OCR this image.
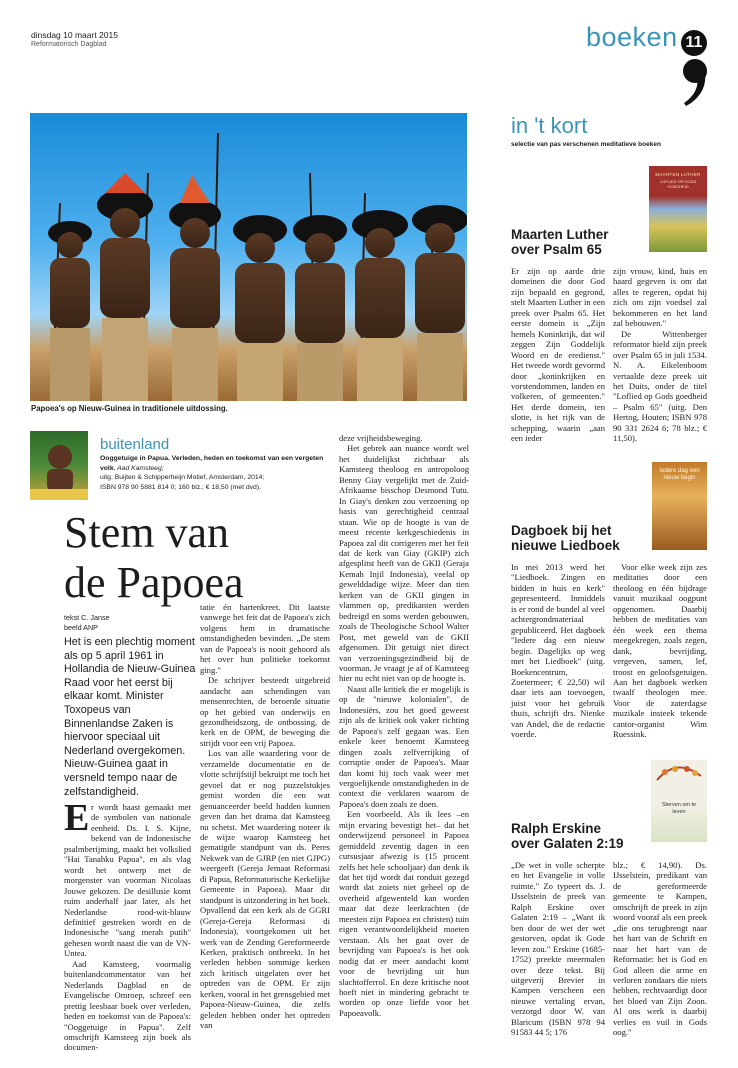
dinsdag 10 maart 2015
Reformatorisch Dagblad	boeken 11
Papoea's op Nieuw-Guinea in traditionele uitdossing.
buitenland
Ooggetuige in Papua. Verleden, heden en toekomst van een vergeten volk, Aad Kamsteeg;
uitg. Buijten & Schipperheijn Motief, Amsterdam, 2014;
ISBN 978 90 5881 814 0; 160 blz.; € 18,50 (met dvd).
Stem van
de Papoea
tekst C. Janse
beeld ANP
Het is een plechtig moment als op 5 april 1961 in Hollandia de Nieuw-Guinea Raad voor het eerst bij elkaar komt. Minister Toxopeus van Binnenlandse Zaken is hiervoor speciaal uit Nederland overgekomen. Nieuw-Guinea gaat in versneld tempo naar de zelfstandigheid.
E r wordt haast gemaakt met de symbolen van nationale eenheid. Ds. I. S. Kijne, bekend van de Indonesische psalmberijming, maakt het volkslied "Hai Tanahku Papua", en als vlag wordt het ontwerp met de morgenster van voorman Nicolaas Jouwe gekozen. De desillusie komt ruim anderhalf jaar later, als het Nederlandse rood-wit-blauw definitief gestreken wordt en de Indonesische "sang merah putih" gehesen wordt naast die van de VN-Untea.

Aad Kamsteeg, voormalig buitenlandcommentator van het Nederlands Dagblad en de Evangelische Omroep, schreef een prettig leesbaar boek over verleden, heden en toekomst van de Papoea's: "Ooggetuige in Papua". Zelf omschrijft Kamsteeg zijn boek als documen-

tatie én hartenkreet. Dit laatste vanwege het feit dat de Papoea's zich volgens hem in dramatische omstandigheden bevinden. „De stem van de Papoea's is nooit gehoord als het over hun politieke toekomst ging."

De schrijver besteedt uitgebreid aandacht aan schendingen van mensenrechten, de beroerde situatie op het gebied van onderwijs en gezondheidszorg, de ontbossing, de kerk en de OPM, de beweging die strijdt voor een vrij Papoea.

Los van alle waardering voor de verzamelde documentatie en de vlotte schrijfstijl bekruipt me toch het gevoel dat er nog puzzelstukjes gemist worden die een wat genuanceerder beeld hadden kunnen geven dan het drama dat Kamsteeg nu schetst. Met waardering noteer ik de wijze waarop Kamsteeg het gematigde standpunt van ds. Peres Nekwek van de GJRP (en niet GJPG) weergeeft (Gereja Jemaat Reformasi di Papua, Reformatorische Kerkelijke Gemeente in Papoea). Maar dit standpunt is uitzondering in het boek. Opvallend dat een kerk als de GGRI (Gereja-Gereja Reformasi di Indonesia), voortgekomen uit het werk van de Zending Gereformeerde Kerken, praktisch ontbreekt. In het verleden hebben sommige kerken zich kritisch uitgelaten over het optreden van de OPM. Er zijn kerken, vooral in het grensgebied met Papoea-Nieuw-Guinea, die zelfs geleden hebben onder het optreden van

deze vrijheidsbeweging.

Het gebrek aan nuance wordt wel het duidelijkst zichtbaar als Kamsteeg theoloog en antropoloog Benny Giay vergelijkt met de Zuid-Afrikaanse bisschop Desmond Tutu. In Giay's denken zou verzoening op basis van gerechtigheid centraal staan. Wie op de hoogte is van de meest recente kerkgeschiedenis in Papoea zal dit corrigeren met het feit dat de kerk van Giay (GKIP) zich afgesplitst heeft van de GKII (Geraja Kemah Injil Indonesia), veelal op gewelddadige wijze. Meer dan tien kerken van de GKII gingen in vlammen op, predikanten werden bedreigd en soms werden gebouwen, zoals de Theologische School Walter Post, met geweld van de GKII afgenomen. Dit getuigt niet direct van verzoeningsgezindheid bij de voorman. Je vraagt je af of Kamsteeg hier nu echt niet van op de hoogte is.

Naast alle kritiek die er mogelijk is op de "nieuwe kolonialen", de Indonesiërs, zou het goed geweest zijn als de kritiek ook vaker richting de Papoea's zelf gegaan was. Een enkele keer benoemt Kamsteeg dingen zoals zelfverrijking of corruptie onder de Papoea's. Maar dan komt hij toch vaak weer met vergoelijkende omstandigheden in de context die verklaren waarom de Papoea's doen zoals ze doen.

Een voorbeeld. Als ik lees –en mijn ervaring bevestigt het– dat het onderwijzend personeel in Papoea gemiddeld zeventig dagen in een cursusjaar afwezig is (15 procent zelfs het hele schooljaar) dan denk ik dat het tijd wordt dat ronduit gezegd wordt dat zoiets niet geheel op de overheid afgewenteld kan worden maar dat deze leerkrachten (de meesten zijn Papoea en christen) tuin eigen verantwoordelijkheid moeten verstaan. Als het gaat over de bevrijding van Papoea's is het ook nodig dat er meer aandacht komt voor de bevrijding uit hun slachtofferrol. En deze kritische noot hoeft niet in mindering gebracht te worden op onze liefde voor het Papoeavolk.

in 't kort
selectie van pas verschenen meditatieve boeken
MAARTEN LUTHER
LOFLIED OP GODS GOEDHEID
Maarten Luther
over Psalm 65

Er zijn op aarde drie domeinen die door God zijn bepaald en gegrond, stelt Maarten Luther in een preek over Psalm 65. Het eerste domein is „Zijn hemels Koninkrijk, dat wil zeggen Zijn Goddelijk Woord en de eredienst." Het tweede wordt gevormd door „koninkrijken en vorstendommen, landen en volkeren, of gemeenten." Het derde domein, ten slotte, is het rijk van de schepping, waarin „aan een ieder

zijn vrouw, kind, huis en haard gegeven is om dat alles te regeren, opdat hij zich om zijn voedsel zal bekommeren en het land zal bebouwen."

De Wittenberger reformator hield zijn preek over Psalm 65 in juli 1534. N. A. Eikelenboom vertaalde deze preek uit het Duits, onder de titel "Loflied op Gods goedheid – Psalm 65" (uitg. Den Hertog, Houten; ISBN 978 90 331 2624 6; 78 blz.; € 11,50).

Iedere dag een nieuw begin
Dagboek bij het
nieuwe Liedboek

In mei 2013 werd het "Liedboek. Zingen en bidden in huis en kerk" gepresenteerd. Inmiddels is er rond de bundel al veel achtergrondmateriaal gepubliceerd. Het dagboek "Iedere dag een nieuw begin. Dagelijks op weg met het Liedboek" (uitg. Boekencentrum, Zoetermeer; € 22,50) wil daar iets aan toevoegen, juist voor het gebruik thuis, schrijft drs. Nienke van Andel, die de redactie voerde.

Voor elke week zijn zes meditaties door een theoloog en één bijdrage vanuit muzikaal oogpunt opgenomen. Daarbij hebben de meditaties van één week een thema meegekregen, zoals zegen, dank, bevrijding, vergeven, samen, lef, troost en geloofsgetuigen. Aan het dagboek werken twaalf theologen mee. Voor de zaterdagse muzikale insteek tekende cantor-organist Wim Ruessink.

Sterven om te leven
Ralph Erskine
over Galaten 2:19

„De wet in volle scherpte en het Evangelie in volle ruimte." Zo typeert ds. J. IJsselstein de preek van Ralph Erskine over Galaten 2:19 – „Want ik ben door de wet der wet gestorven, opdat ik Gode leven zou." Erskine (1685-1752) preekte meermalen over deze tekst. Bij uitgeverij Brevier in Kampen verscheen een nieuwe vertaling ervan, verzorgd door W. van Blaricum (ISBN 978 94 91583 44 5; 176

blz.; € 14,90). Ds. IJsselstein, predikant van de gereformeerde gemeente te Kampen, omschrijft de preek in zijn woord vooraf als een preek „die ons terugbrengt naar het hart van de Schrift en naar het hart van de Reformatie: het is God en God alleen die arme en verloren zondaars die niets hebben, rechtvaardigt door het bloed van Zijn Zoon. Al ons werk is daarbij verlies en vuil in Gods oog."
